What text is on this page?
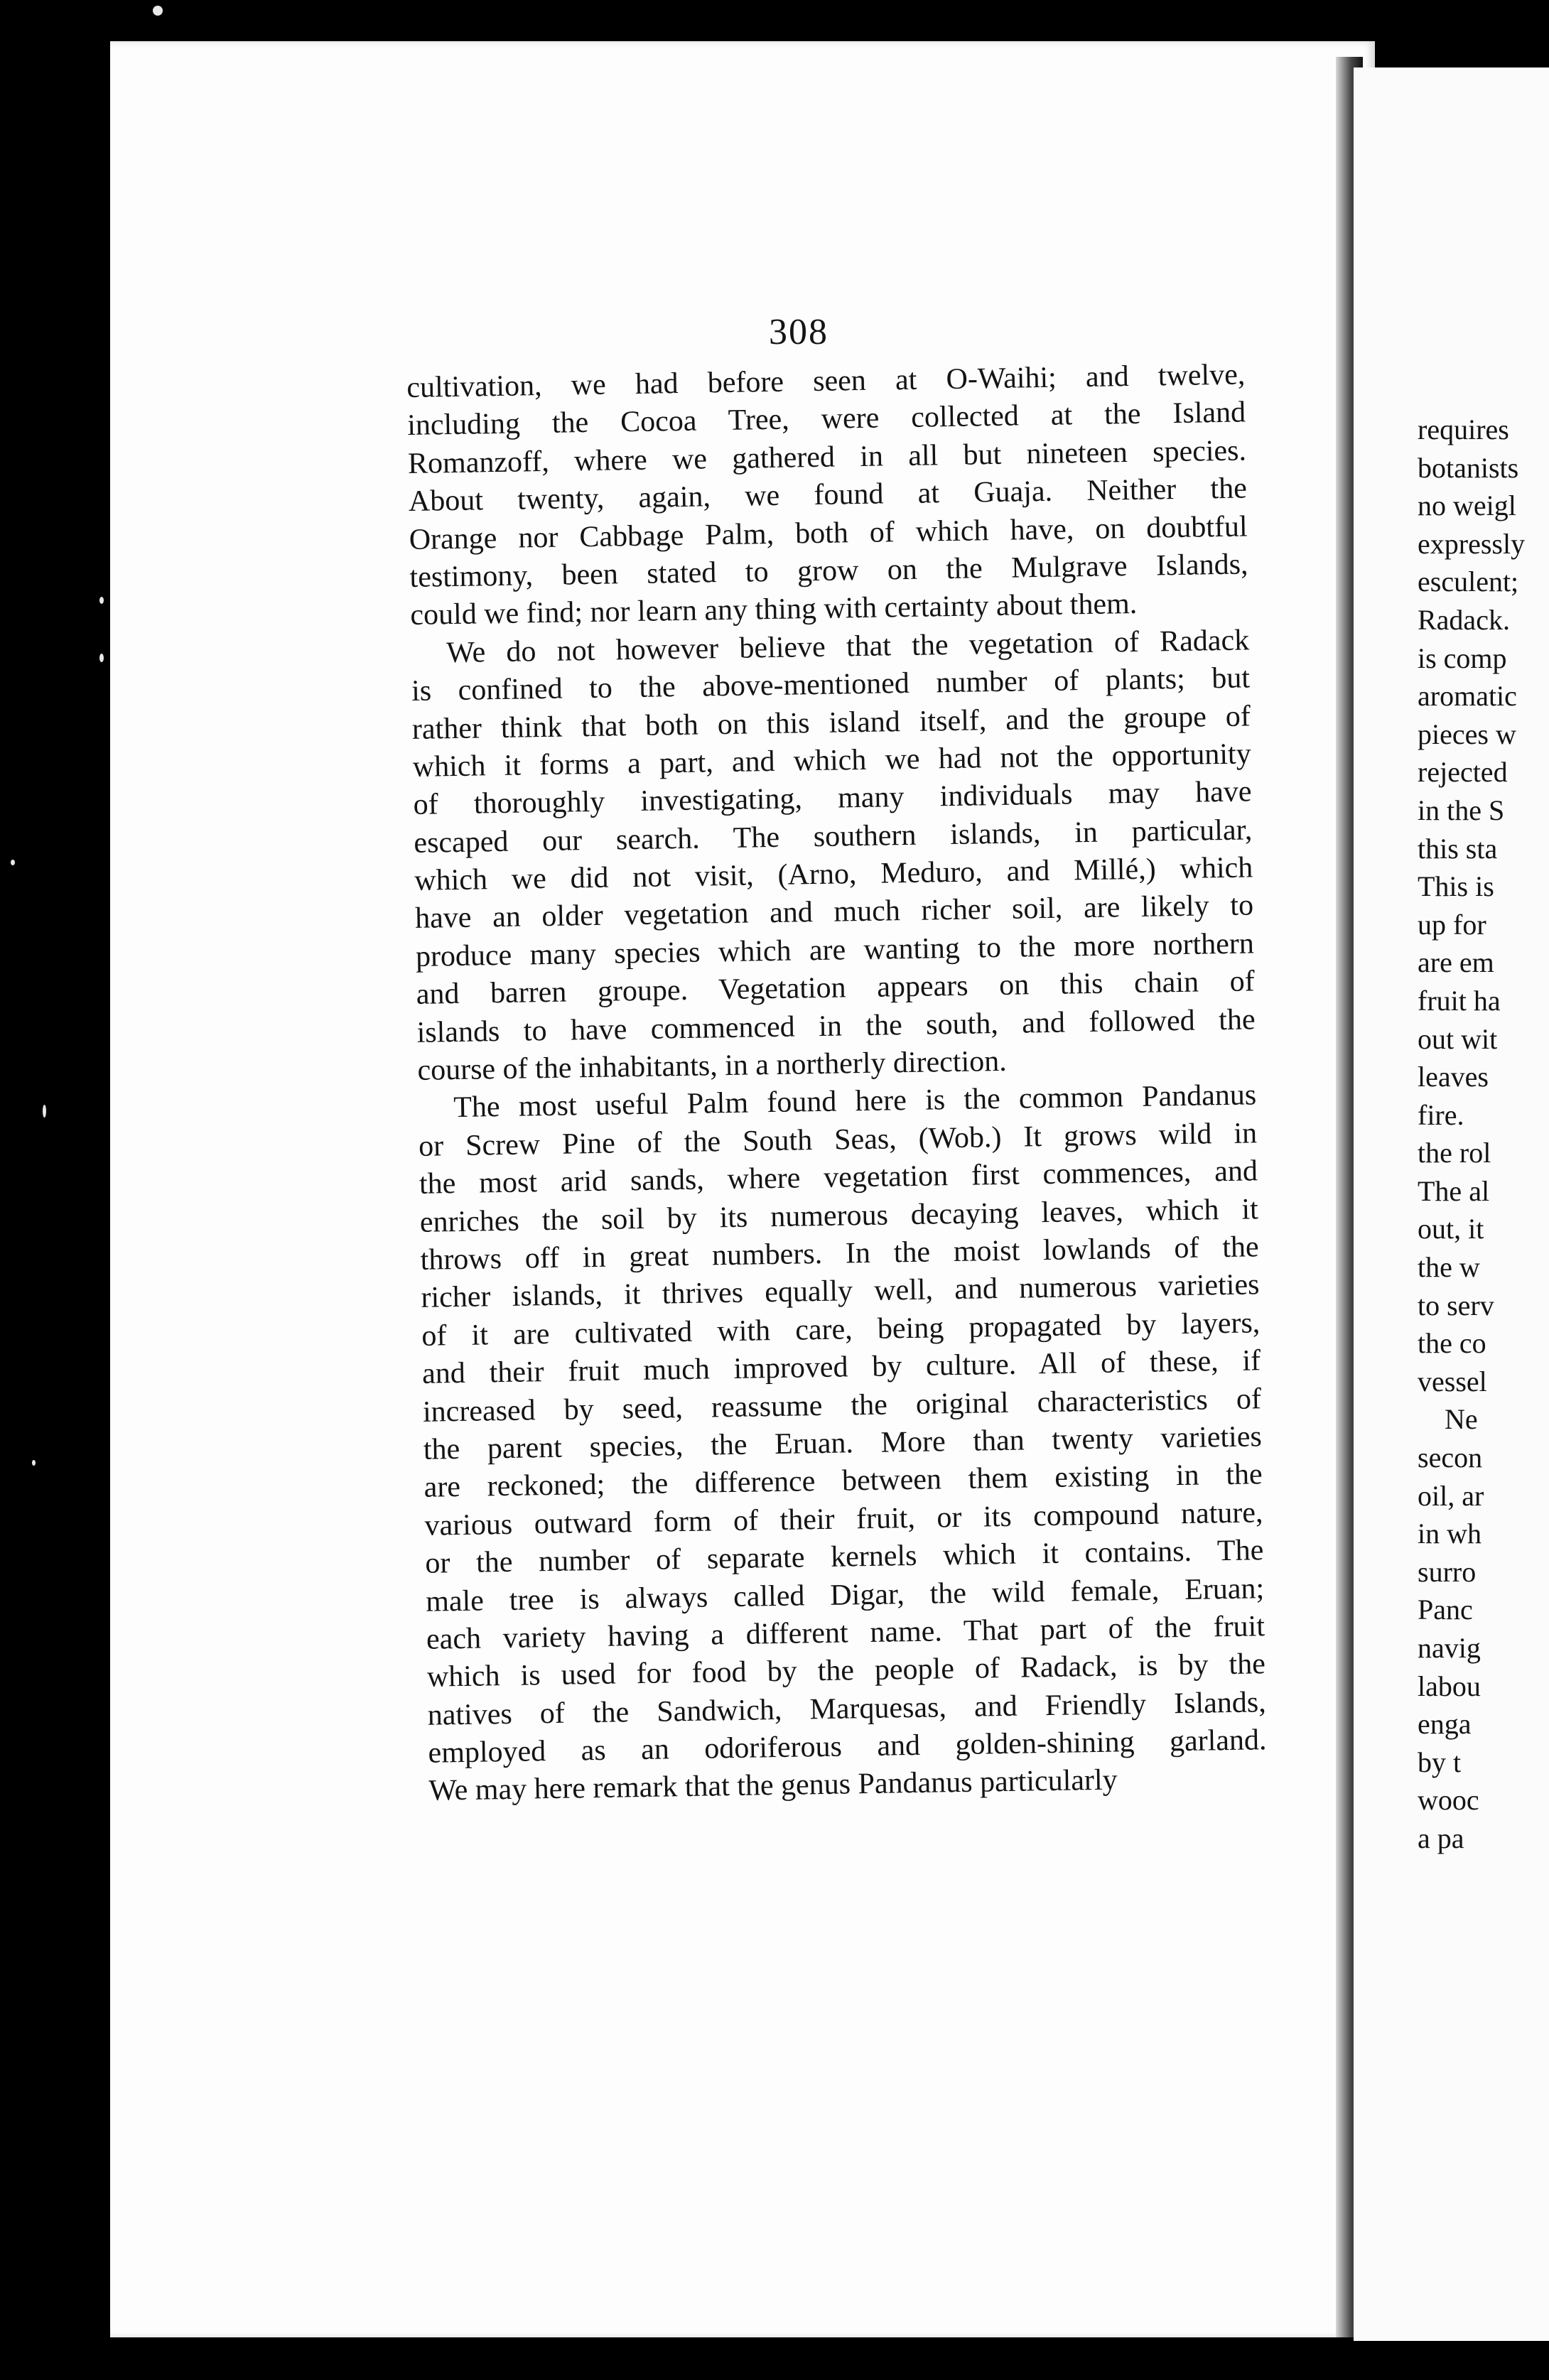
308
cultivation, we had before seen at O-Waihi; and twelve,
including the Cocoa Tree, were collected at the Island
Romanzoff, where we gathered in all but nineteen species.
About twenty, again, we found at Guaja. Neither the
Orange nor Cabbage Palm, both of which have, on doubtful
testimony, been stated to grow on the Mulgrave Islands,
could we find; nor learn any thing with certainty about them.
We do not however believe that the vegetation of Radack
is confined to the above-mentioned number of plants; but
rather think that both on this island itself, and the groupe of
which it forms a part, and which we had not the opportunity
of thoroughly investigating, many individuals may have
escaped our search. The southern islands, in particular,
which we did not visit, (Arno, Meduro, and Millé,) which
have an older vegetation and much richer soil, are likely to
produce many species which are wanting to the more northern
and barren groupe. Vegetation appears on this chain of
islands to have commenced in the south, and followed the
course of the inhabitants, in a northerly direction.
The most useful Palm found here is the common Pandanus
or Screw Pine of the South Seas, (Wob.) It grows wild in
the most arid sands, where vegetation first commences, and
enriches the soil by its numerous decaying leaves, which it
throws off in great numbers. In the moist lowlands of the
richer islands, it thrives equally well, and numerous varieties
of it are cultivated with care, being propagated by layers,
and their fruit much improved by culture. All of these, if
increased by seed, reassume the original characteristics of
the parent species, the Eruan. More than twenty varieties
are reckoned; the difference between them existing in the
various outward form of their fruit, or its compound nature,
or the number of separate kernels which it contains. The
male tree is always called Digar, the wild female, Eruan;
each variety having a different name. That part of the fruit
which is used for food by the people of Radack, is by the
natives of the Sandwich, Marquesas, and Friendly Islands,
employed as an odoriferous and golden-shining garland.
We may here remark that the genus Pandanus particularly
requires
botanists
no weigl
expressly
esculent;
Radack.
is comp
aromatic
pieces w
rejected
in the S
this sta
This is
up for
are em
fruit ha
out wit
leaves
fire.
the rol
The al
out, it
the w
to serv
the co
vessel
Ne
secon
oil, ar
in wh
surro
Panc
navig
labou
enga
by t
wooc
a pa
